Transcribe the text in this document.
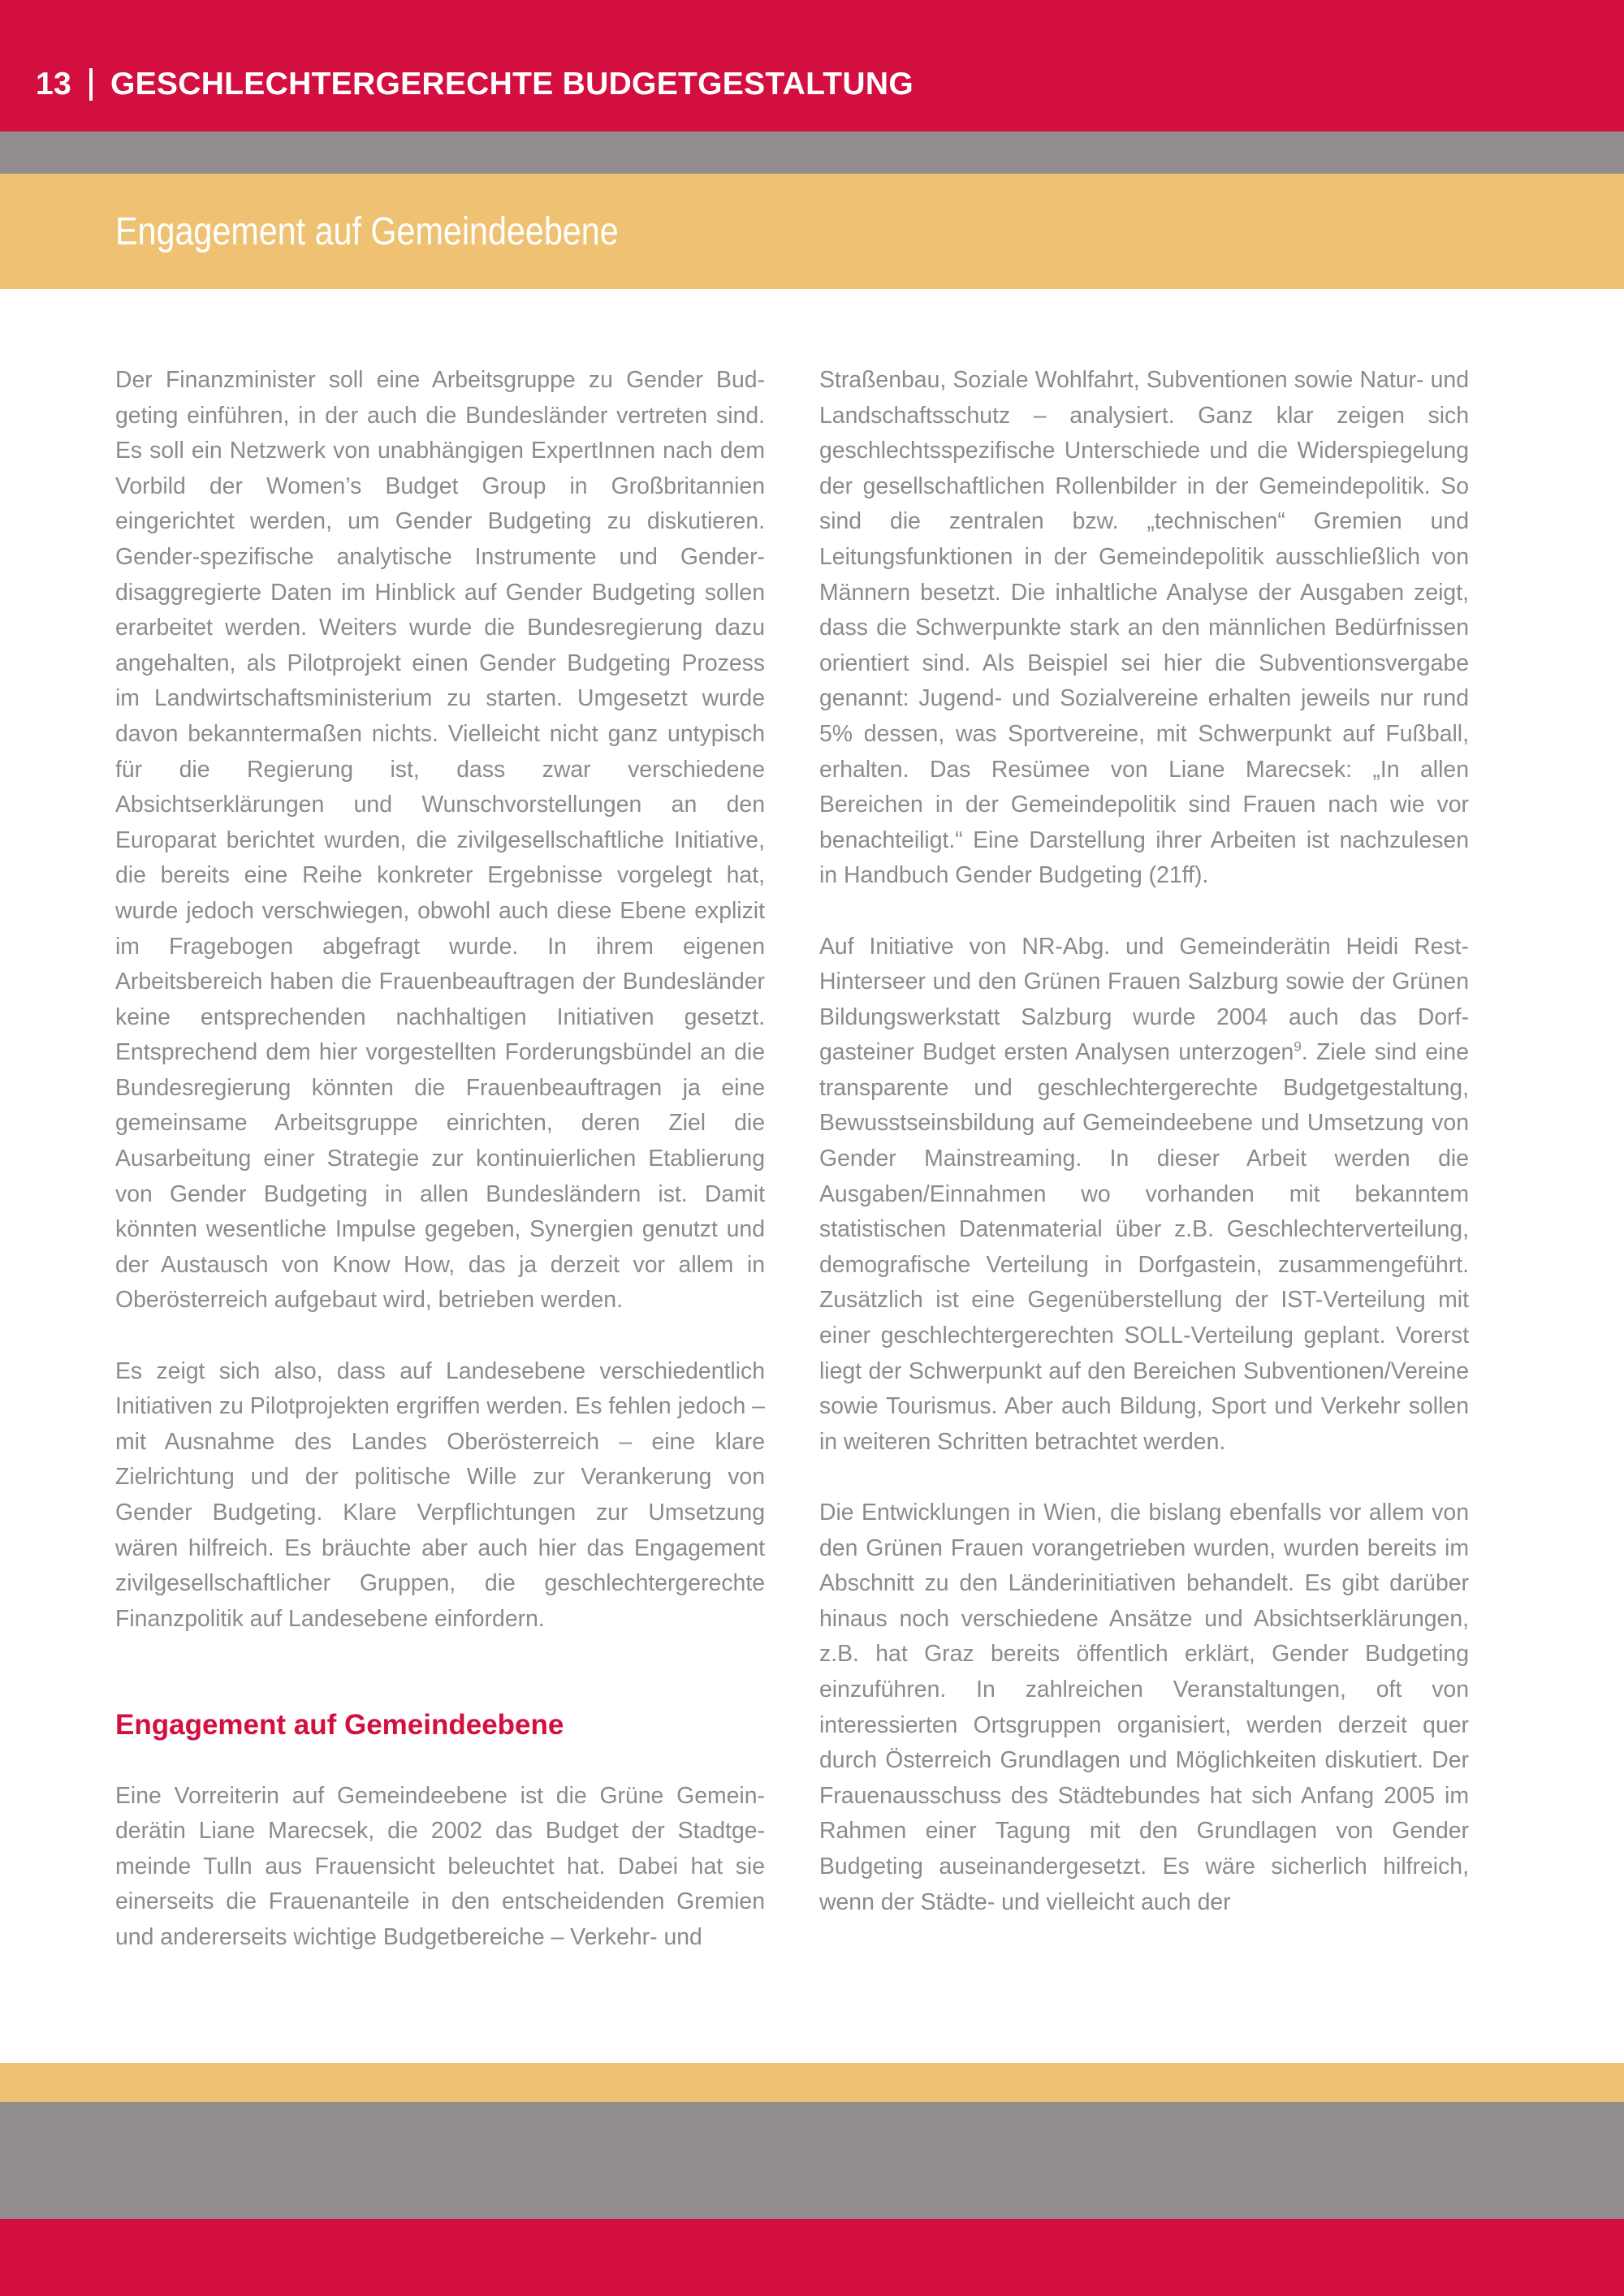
13 GESCHLECHTERGERECHTE BUDGETGESTALTUNG
Engagement auf Gemeindeebene

Der Finanzminister soll eine Arbeitsgruppe zu Gender Budgeting einführen, in der auch die Bundesländer vertreten sind. Es soll ein Netzwerk von unabhängigen ExpertInnen nach dem Vorbild der Women’s Budget Group in Großbritannien eingerichtet werden, um Gender Budgeting zu diskutieren. Gender-spezifische analytische Instrumente und Gender-disaggregierte Daten im Hinblick auf Gender Budgeting sollen erarbeitet werden. Weiters wurde die Bundesregierung dazu angehalten, als Pilotprojekt einen Gender Budgeting Prozess im Landwirtschaftsministerium zu starten. Umgesetzt wurde davon bekanntermaßen nichts. Vielleicht nicht ganz untypisch für die Regierung ist, dass zwar verschiedene Absichtserklärungen und Wunschvorstellungen an den Europarat berichtet wurden, die zivilgesellschaftliche Initiative, die bereits eine Reihe konkreter Ergebnisse vorgelegt hat, wurde jedoch verschwiegen, obwohl auch diese Ebene explizit im Fragebogen abgefragt wurde. In ihrem eigenen Arbeitsbereich haben die Frauenbeauftragen der Bundesländer keine entsprechenden nachhaltigen Initiativen gesetzt. Entsprechend dem hier vorgestellten Forderungsbündel an die Bundesregierung könnten die Frauenbeauftragen ja eine gemeinsame Arbeitsgruppe einrichten, deren Ziel die Ausarbeitung einer Strategie zur kontinuierlichen Etablierung von Gender Budgeting in allen Bundesländern ist. Damit könnten wesentliche Impulse gegeben, Synergien genutzt und der Austausch von Know How, das ja derzeit vor allem in Oberösterreich aufgebaut wird, betrieben werden.

Es zeigt sich also, dass auf Landesebene verschiedentlich Initiativen zu Pilotprojekten ergriffen werden. Es fehlen jedoch – mit Ausnahme des Landes Oberösterreich – eine klare Zielrichtung und der politische Wille zur Verankerung von Gender Budgeting. Klare Verpflichtungen zur Umsetzung wären hilfreich. Es bräuchte aber auch hier das Engagement zivilgesellschaftlicher Gruppen, die geschlechtergerechte Finanzpolitik auf Landesebene einfordern.

Engagement auf Gemeindeebene

Eine Vorreiterin auf Gemeindeebene ist die Grüne Gemeinderätin Liane Marecsek, die 2002 das Budget der Stadtgemeinde Tulln aus Frauensicht beleuchtet hat. Dabei hat sie einerseits die Frauenanteile in den entscheidenden Gremien und andererseits wichtige Budgetbereiche – Verkehr- und

Straßenbau, Soziale Wohlfahrt, Subventionen sowie Natur- und Landschaftsschutz – analysiert. Ganz klar zeigen sich geschlechtsspezifische Unterschiede und die Widerspiegelung der gesellschaftlichen Rollenbilder in der Gemeindepolitik. So sind die zentralen bzw. „technischen“ Gremien und Leitungsfunktionen in der Gemeindepolitik ausschließlich von Männern besetzt. Die inhaltliche Analyse der Ausgaben zeigt, dass die Schwerpunkte stark an den männlichen Bedürfnissen orientiert sind. Als Beispiel sei hier die Subventionsvergabe genannt: Jugend- und Sozialvereine erhalten jeweils nur rund 5% dessen, was Sportvereine, mit Schwerpunkt auf Fußball, erhalten. Das Resümee von Liane Marecsek: „In allen Bereichen in der Gemeindepolitik sind Frauen nach wie vor benachteiligt.“ Eine Darstellung ihrer Arbeiten ist nachzulesen in Handbuch Gender Budgeting (21ff).

Auf Initiative von NR-Abg. und Gemeinderätin Heidi Rest-Hinterseer und den Grünen Frauen Salzburg sowie der Grünen Bildungswerkstatt Salzburg wurde 2004 auch das Dorfgasteiner Budget ersten Analysen unterzogen$^9$. Ziele sind eine transparente und geschlechtergerechte Budgetgestaltung, Bewusstseinsbildung auf Gemeindeebene und Umsetzung von Gender Mainstreaming. In dieser Arbeit werden die Ausgaben/Einnahmen wo vorhanden mit bekanntem statistischen Datenmaterial über z.B. Geschlechterverteilung, demografische Verteilung in Dorfgastein, zusammengeführt. Zusätzlich ist eine Gegenüberstellung der IST-Verteilung mit einer geschlechtergerechten SOLL-Verteilung geplant. Vorerst liegt der Schwerpunkt auf den Bereichen Subventionen/Vereine sowie Tourismus. Aber auch Bildung, Sport und Verkehr sollen in weiteren Schritten betrachtet werden.

Die Entwicklungen in Wien, die bislang ebenfalls vor allem von den Grünen Frauen vorangetrieben wurden, wurden bereits im Abschnitt zu den Länderinitiativen behandelt. Es gibt darüber hinaus noch verschiedene Ansätze und Absichtserklärungen, z.B. hat Graz bereits öffentlich erklärt, Gender Budgeting einzuführen. In zahlreichen Veranstaltungen, oft von interessierten Ortsgruppen organisiert, werden derzeit quer durch Österreich Grundlagen und Möglichkeiten diskutiert. Der Frauenausschuss des Städtebundes hat sich Anfang 2005 im Rahmen einer Tagung mit den Grundlagen von Gender Budgeting auseinandergesetzt. Es wäre sicherlich hilfreich, wenn der Städte- und vielleicht auch der
